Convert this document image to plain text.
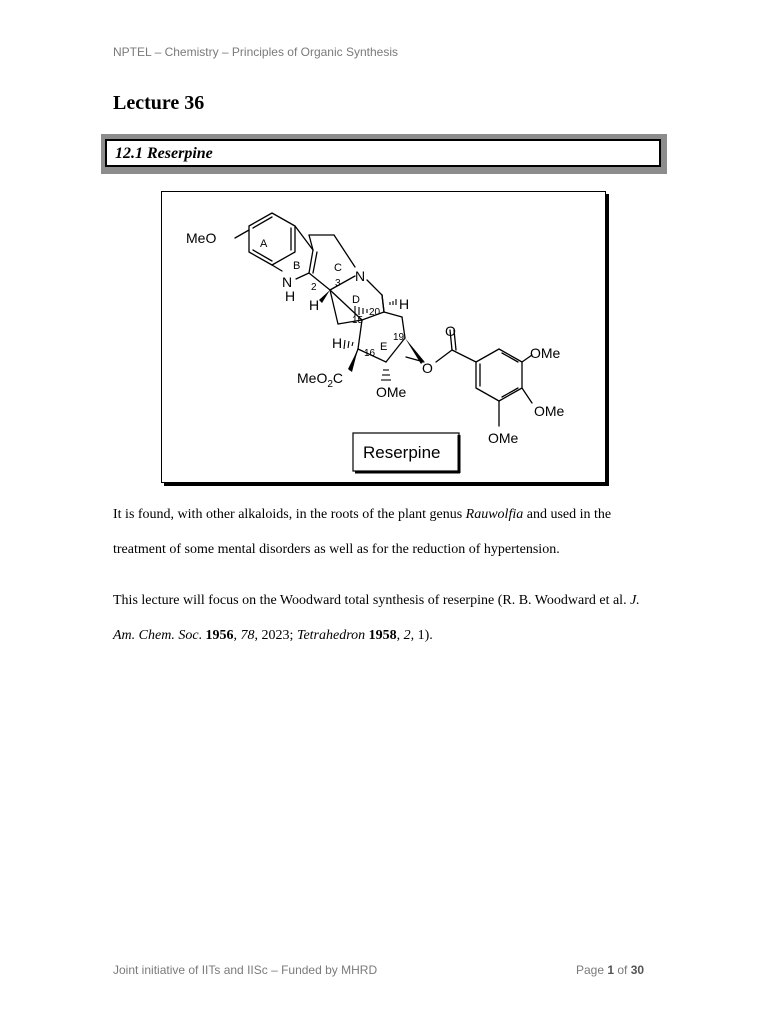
NPTEL – Chemistry – Principles of Organic Synthesis
Lecture 36
12.1 Reserpine
MeO	A
B	C
D
E
N
N
H
H
H
H
2 3
15
16
19
20
O
O
MeO$_2$C
OMe
OMe
OMe
OMe
Reserpine
It is found, with other alkaloids, in the roots of the plant genus Rauwolfia and used in the treatment of some mental disorders as well as for the reduction of hypertension.
This lecture will focus on the Woodward total synthesis of reserpine (R. B. Woodward et al. J. Am. Chem. Soc. 1956, 78, 2023; Tetrahedron 1958, 2, 1).
Joint initiative of IITs and IISc – Funded by MHRD	Page 1 of 30
